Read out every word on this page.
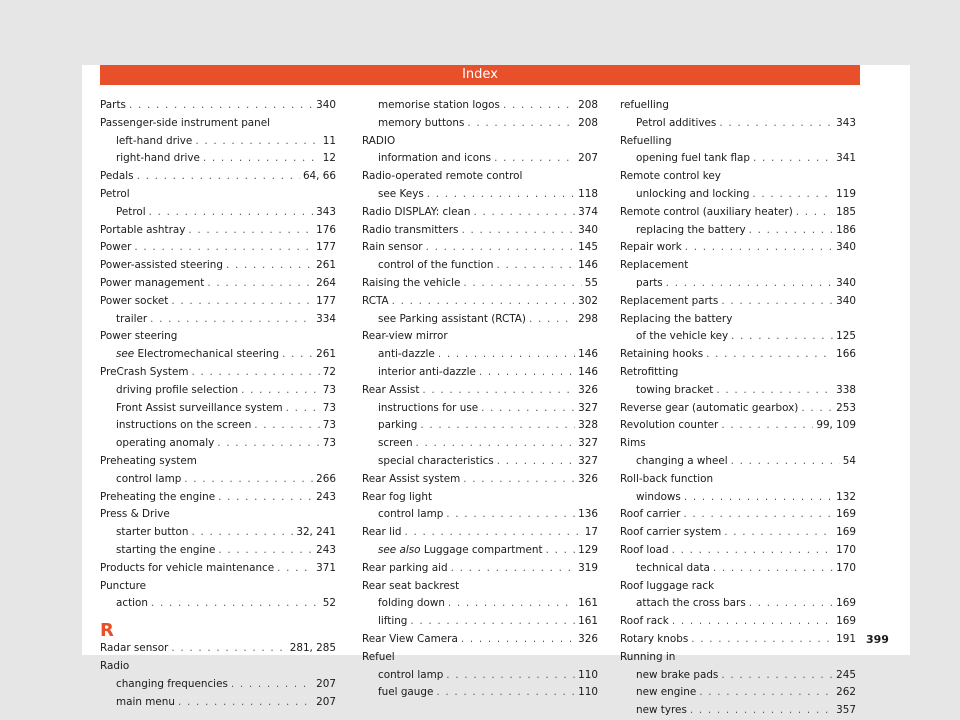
Index
Parts . . .	340
Passenger-side instrument panel
left-hand drive . . .	11
right-hand drive . . .	12
Pedals . . .	64, 66
Petrol
Petrol . . .	343
Portable ashtray . . .	176
Power . . .	177
Power-assisted steering . . .	261
Power management . . .	264
Power socket . . .	177
trailer . . .	334
Power steering
see Electromechanical steering . . .	261
PreCrash System . . .	72
driving profile selection . . .	73
Front Assist surveillance system . . .	73
instructions on the screen . . .	73
operating anomaly . . .	73
Preheating system
control lamp . . .	266
Preheating the engine . . .	243
Press & Drive
starter button . . .	32, 241
starting the engine . . .	243
Products for vehicle maintenance . . .	371
Puncture
action . . .	52
R
Radar sensor . . .	281, 285
Radio
changing frequencies . . .	207
main menu . . .	207
memorise station logos . . .	208
memory buttons . . .	208
RADIO
information and icons . . .	207
Radio-operated remote control
see Keys . . .	118
Radio DISPLAY: clean . . .	374
Radio transmitters . . .	340
Rain sensor . . .	145
control of the function . . .	146
Raising the vehicle . . .	55
RCTA . . .	302
see Parking assistant (RCTA) . . .	298
Rear-view mirror
anti-dazzle . . .	146
interior anti-dazzle . . .	146
Rear Assist . . .	326
instructions for use . . .	327
parking . . .	328
screen . . .	327
special characteristics . . .	327
Rear Assist system . . .	326
Rear fog light
control lamp . . .	136
Rear lid . . .	17
see also Luggage compartment . . .	129
Rear parking aid . . .	319
Rear seat backrest
folding down . . .	161
lifting . . .	161
Rear View Camera . . .	326
Refuel
control lamp . . .	110
fuel gauge . . .	110
refuelling
Petrol additives . . .	343
Refuelling
opening fuel tank flap . . .	341
Remote control key
unlocking and locking . . .	119
Remote control (auxiliary heater) . . .	185
replacing the battery . . .	186
Repair work . . .	340
Replacement
parts . . .	340
Replacement parts . . .	340
Replacing the battery
of the vehicle key . . .	125
Retaining hooks . . .	166
Retrofitting
towing bracket . . .	338
Reverse gear (automatic gearbox) . . .	253
Revolution counter . . .	99, 109
Rims
changing a wheel . . .	54
Roll-back function
windows . . .	132
Roof carrier . . .	169
Roof carrier system . . .	169
Roof load . . .	170
technical data . . .	170
Roof luggage rack
attach the cross bars . . .	169
Roof rack . . .	169
Rotary knobs . . .	191
Running in
new brake pads . . .	245
new engine . . .	262
new tyres . . .	357
399
